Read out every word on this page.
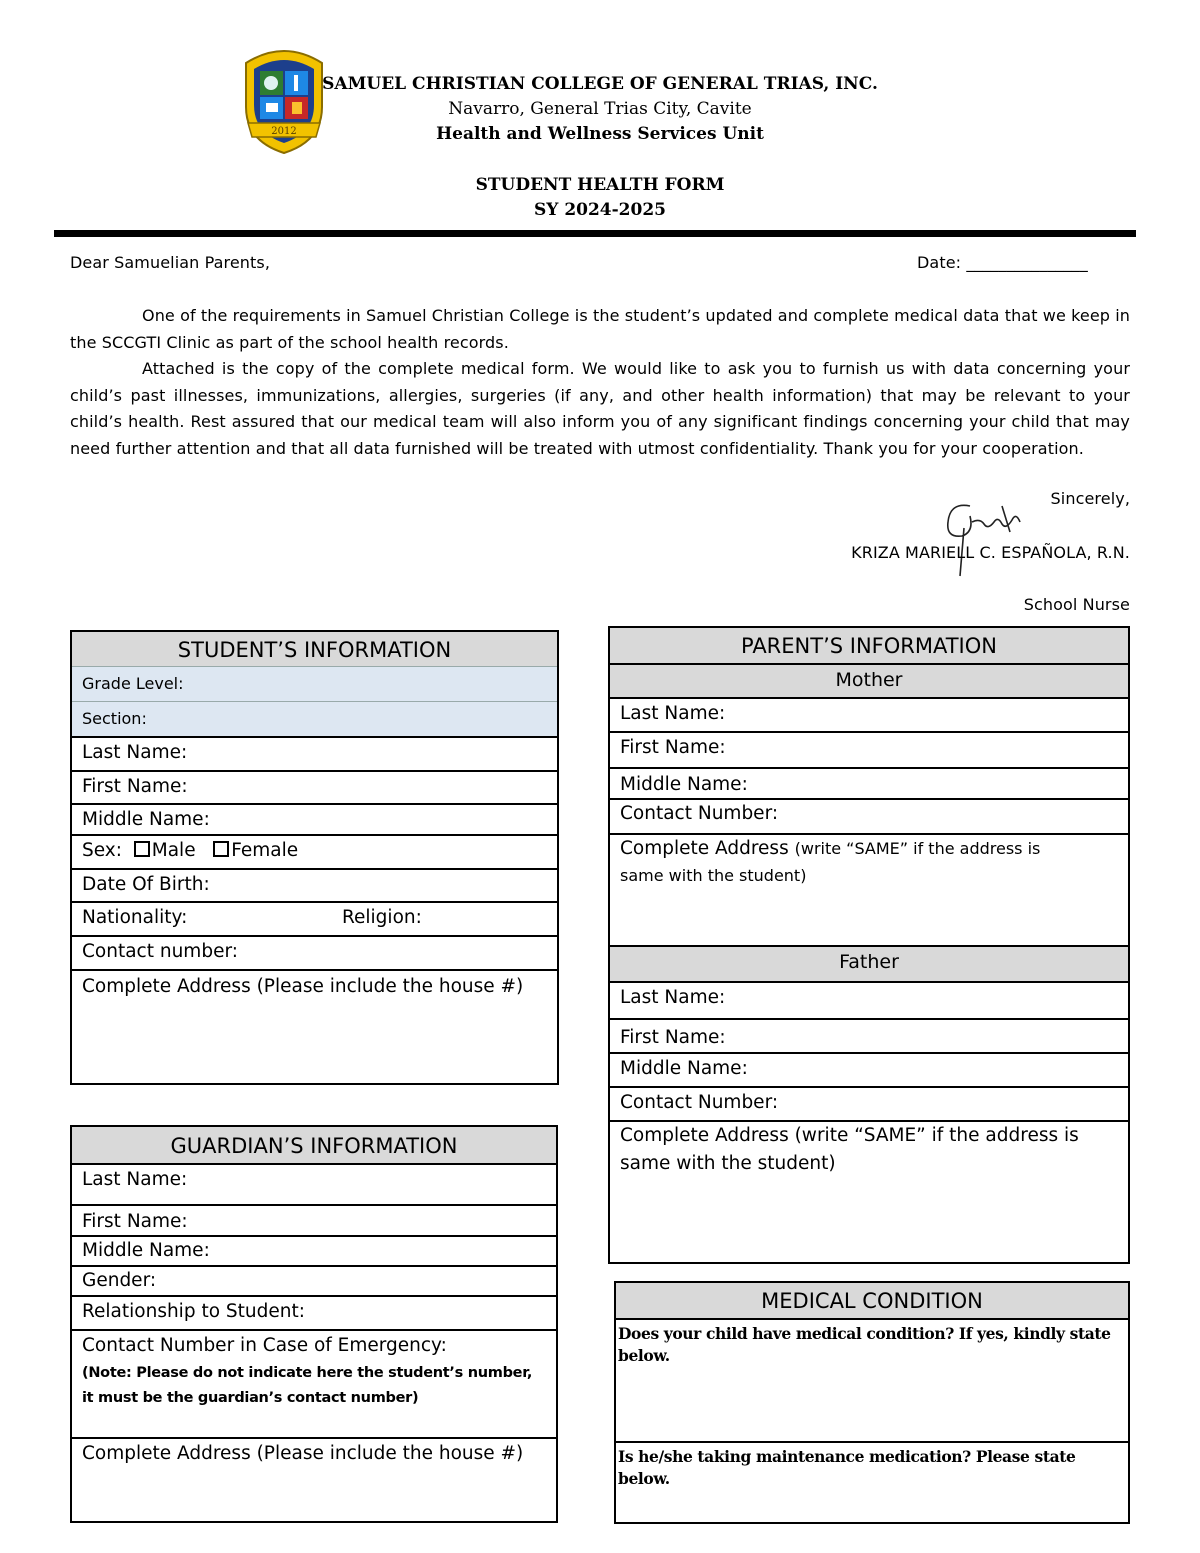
2012
SAMUEL CHRISTIAN COLLEGE OF GENERAL TRIAS, INC.
Navarro, General Trias City, Cavite
Health and Wellness Services Unit
STUDENT HEALTH FORM
SY 2024-2025
Dear Samuelian Parents,	Date: _______________

One of the requirements in Samuel Christian College is the student’s updated and complete medical data that we keep in the SCCGTI Clinic as part of the school health records.

Attached is the copy of the complete medical form. We would like to ask you to furnish us with data concerning your child’s past illnesses, immunizations, allergies, surgeries (if any, and other health information) that may be relevant to your child’s health. Rest assured that our medical team will also inform you of any significant findings concerning your child that may need further attention and that all data furnished will be treated with utmost confidentiality. Thank you for your cooperation.

Sincerely,
KRIZA MARIELL C. ESPAÑOLA, R.N.
School Nurse
STUDENT’S INFORMATION
Grade Level:
Section:
Last Name:
First Name:
Middle Name:
Sex: Male Female
Date Of Birth:
Nationality:	Religion:
Contact number:
Complete Address (Please include the house #)
GUARDIAN’S INFORMATION
Last Name:
First Name:
Middle Name:
Gender:
Relationship to Student:
Contact Number in Case of Emergency:
(Note: Please do not indicate here the student’s number,
it must be the guardian’s contact number)
Complete Address (Please include the house #)
PARENT’S INFORMATION
Mother
Last Name:
First Name:
Middle Name:
Contact Number:
Complete Address (write “SAME” if the address is
same with the student)
Father
Last Name:
First Name:
Middle Name:
Contact Number:
Complete Address (write “SAME” if the address is
same with the student)
MEDICAL CONDITION
Does your child have medical condition? If yes, kindly state
below.
Is he/she taking maintenance medication? Please state
below.
